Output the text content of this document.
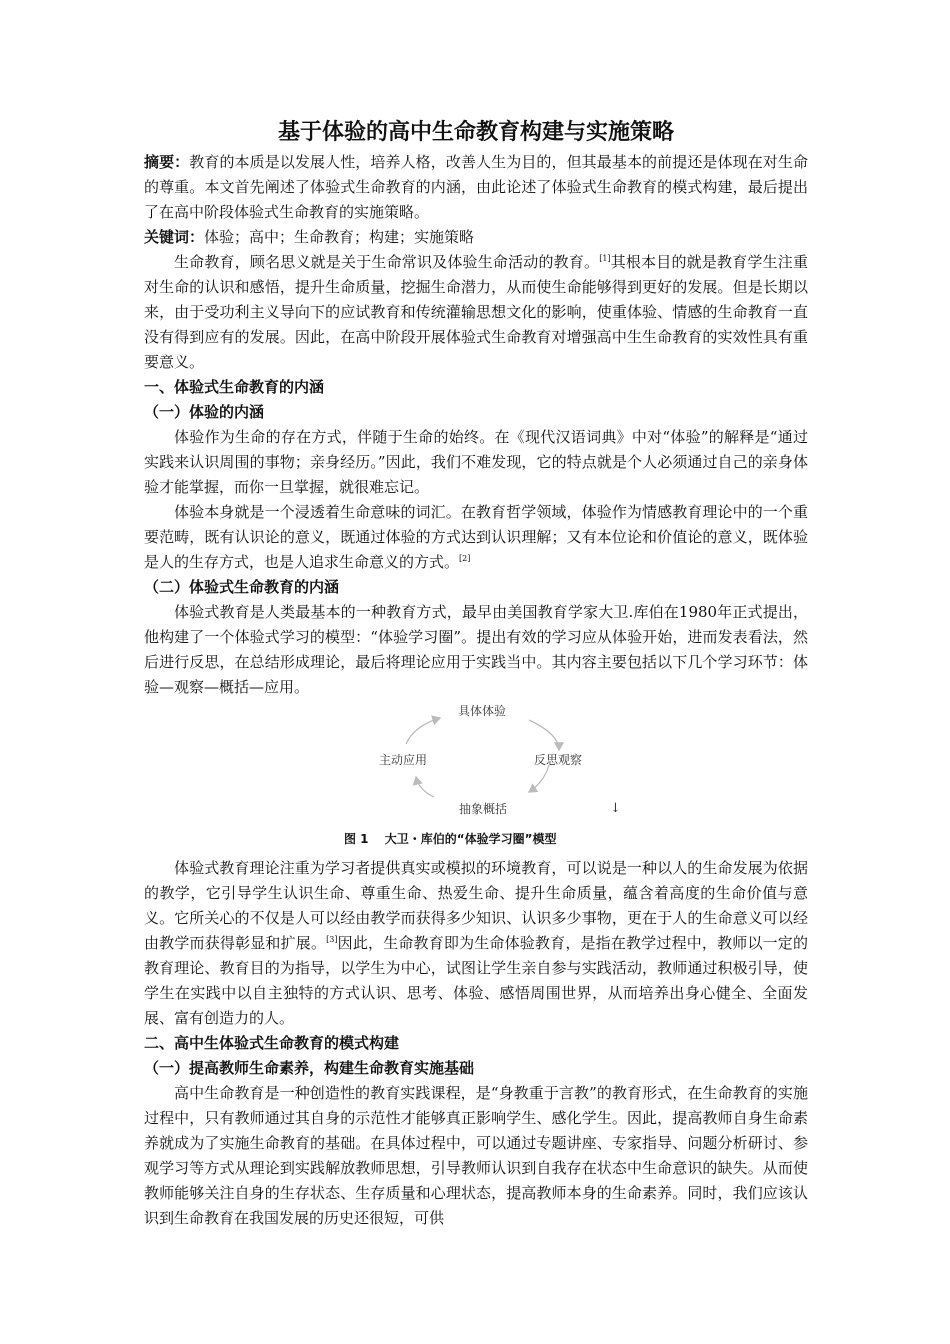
基于体验的高中生命教育构建与实施策略

摘要：教育的本质是以发展人性，培养人格，改善人生为目的，但其最基本的前提还是体现在对生命的尊重。本文首先阐述了体验式生命教育的内涵，由此论述了体验式生命教育的模式构建，最后提出了在高中阶段体验式生命教育的实施策略。

关键词：体验；高中；生命教育；构建；实施策略

生命教育，顾名思义就是关于生命常识及体验生命活动的教育。[1]其根本目的就是教育学生注重对生命的认识和感悟，提升生命质量，挖掘生命潜力，从而使生命能够得到更好的发展。但是长期以来，由于受功利主义导向下的应试教育和传统灌输思想文化的影响，使重体验、情感的生命教育一直没有得到应有的发展。因此，在高中阶段开展体验式生命教育对增强高中生生命教育的实效性具有重要意义。

一、体验式生命教育的内涵
（一）体验的内涵

体验作为生命的存在方式，伴随于生命的始终。在《现代汉语词典》中对“体验”的解释是“通过实践来认识周围的事物；亲身经历。”因此，我们不难发现，它的特点就是个人必须通过自己的亲身体验才能掌握，而你一旦掌握，就很难忘记。

体验本身就是一个浸透着生命意味的词汇。在教育哲学领域，体验作为情感教育理论中的一个重要范畴，既有认识论的意义，既通过体验的方式达到认识理解；又有本位论和价值论的意义，既体验是人的生存方式，也是人追求生命意义的方式。[2]

（二）体验式生命教育的内涵

体验式教育是人类最基本的一种教育方式，最早由美国教育学家大卫.库伯在1980年正式提出，他构建了一个体验式学习的模型：“体验学习圈”。提出有效的学习应从体验开始，进而发表看法，然后进行反思，在总结形成理论，最后将理论应用于实践当中。其内容主要包括以下几个学习环节：体验—观察—概括—应用。

具体体验
反思观察
抽象概括
主动应用
↓
图 1　 大卫・库伯的“体验学习圈”模型

体验式教育理论注重为学习者提供真实或模拟的环境教育，可以说是一种以人的生命发展为依据的教学，它引导学生认识生命、尊重生命、热爱生命、提升生命质量，蕴含着高度的生命价值与意义。它所关心的不仅是人可以经由教学而获得多少知识、认识多少事物，更在于人的生命意义可以经由教学而获得彰显和扩展。[3]因此，生命教育即为生命体验教育，是指在教学过程中，教师以一定的教育理论、教育目的为指导，以学生为中心，试图让学生亲自参与实践活动，教师通过积极引导，使学生在实践中以自主独特的方式认识、思考、体验、感悟周围世界，从而培养出身心健全、全面发展、富有创造力的人。

二、高中生体验式生命教育的模式构建
（一）提高教师生命素养，构建生命教育实施基础

高中生命教育是一种创造性的教育实践课程，是“身教重于言教”的教育形式，在生命教育的实施过程中，只有教师通过其自身的示范性才能够真正影响学生、感化学生。因此，提高教师自身生命素养就成为了实施生命教育的基础。在具体过程中，可以通过专题讲座、专家指导、问题分析研讨、参观学习等方式从理论到实践解放教师思想，引导教师认识到自我存在状态中生命意识的缺失。从而使教师能够关注自身的生存状态、生存质量和心理状态，提高教师本身的生命素养。同时，我们应该认识到生命教育在我国发展的历史还很短，可供
